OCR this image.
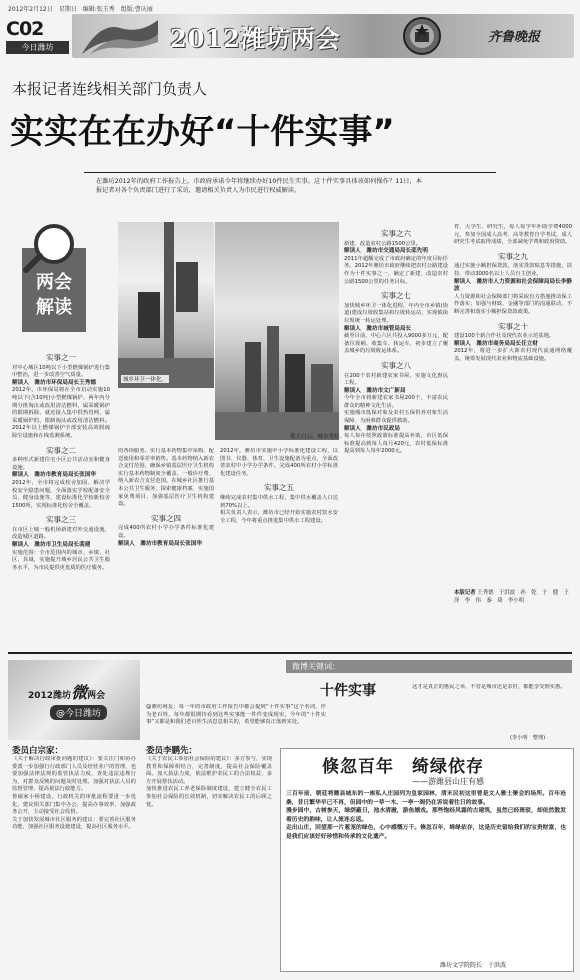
2012年2月12日　星期日　编辑:张玉秀　组版:曹庆丽
C02
今日潍坊	2012潍坊两会	齐鲁晚报
本报记者连线相关部门负责人
实实在在办好“十件实事”
在潍坊2012年的政府工作报告上，市政府承诺今年将继续办好10件民生实事。这十件实事具体该如何操作？11日，本报记者对各个负责部门进行了采访，邀请相关负责人为市民进行权威解读。
两会
解读
城乡环卫一体化。
蓝天白云，城市美好。
实事之一
对中心城区10吨以下小型燃煤锅炉进行集中整治，进一步改善空气质量。
解读人　潍坊市环保局局长王秀德
2012年，市环保局将在全市启动实施10吨以下(含10吨)小型燃煤锅炉、两年内分期分批淘汰或改用清洁燃料，属采暖锅炉的限期拆除，就近接入集中供热管网，属采暖锅炉的，限制淘汰或改用清洁燃料。2012年以上燃煤锅炉全部安装高效脱硫除尘设施和在线监测系统。
实事之二
多种形式新建住宅小区公共活动室和健身设施。
解读人　潍坊市教育局局长张国华
2012年，全市将完成校舍加固、解决学校安全隐患问题，全面落实学校配备安全员、健身设施等，建设标准化学校新校舍1500所，实现标准化校舍全覆盖。
实事之三
在市区上城一般机场新建对外交通设施，改造城区道路。
解读人　潍坊市卫生局局长裴建
实施范围：全市范围内的城市、乡镇、社区、县域，实施提升城乡居民公共卫生服务水平，为市民提供更优质的医疗服务。
的各项服务。实行基本药物集中采购、配送使用和零差率销售。基本药物纳入新农合支付范围，确保乡镇基层医疗卫生机构实行基本药物制度全覆盖，一般诊疗费、纳入新农合支付范围。在城乡社区推行基本公共卫生服务，探索健康档案、实施国家免费项目、加强基层医疗卫生机构建设。
实事之四
完成400所农村小学办学条件标准化建设。
解读人　潍坊市教育局局长张国华
2012年，潍坊市实施中小学标准化建设工程，以图书、仪器、体育、卫生设施配备为重点，全面改善农村中小学办学条件，完成400所农村小学标准化建设任务。
实事之五
继续完成农村集中供水工程，集中供水覆盖人口达到70%以上。
相关负责人表示，潍坊市已经开始实施农村饮水安全工程，今年将重点推进集中供水工程建设。
实事之六
新建、改造农村公路1500公里。
解读人　潍坊市交通局局长邵先明
2011年超额完成了市政府确定的年度目标任务。2012年潍坊市政府继续把农村公路建设作为十件实事之一，确定了新建、改造农村公路1500公里的任务目标。
实事之七
加快城乡环卫一体化进程，年内全市乡镇(街道)建成垃圾收集站和垃圾转运站，实现镇街垃圾统一转运处理。
解读人　潍坊市城管局局长
截至目前，中心六区共投入9000多万元，配备垃圾桶、收集车、转运车，初步建立了覆盖城乡的垃圾收运体系。
实事之八
在200个农村新建农家书屋，实施文化惠民工程。
解读人　潍坊市文广新局
今年全市将新建农家书屋200个，丰富农民群众的精神文化生活。
实施城市低保对象及农村五保供养对象生活保障、为困难群众提供救助。
解读人　潍坊市民政局
每人每年按照政策标准提高补助，市区低保标准提高到每人每月420元，农村低保标准提高到每人每年2000元。
育、大学生、研究生，每人每学年补助学费4000元，参加全国成人高考、高等教育自学考试，成人研究生考试取得成绩，全部减免学费和政府资助。
实事之九
通过实施小额担保贷款，落实贷款贴息等措施，扶持、带动3000名以上人员自主创业。
解读人　潍坊市人力资源和社会保障局局长李静波
人力资源和社会保障部门将采取有力措施推动保工作落实；加强与财政、金融等部门的沟通联动，不断完善和落实小额担保贷款政策。
实事之十
建设100个新合作社及现代农业示范基地。
解读人　潍坊市商务局局长任立财
2012年，将进一步扩大新农村现代流通网络覆盖，统筹发展现代农业和物流基础设施。
本版记者 王秀德　于洪波　孙　乾　于　健　王　泽　李　伟　秦　琦　李小明
2012潍坊微两会
@今日潍坊
微博关键词：
十件实事
@潍坊网友：每一年的市政府工作报告中都会提到“十件实事”这个名词，作为老百姓，每年都很期待看到这些实事能一件件变成现实，今年的“十件实事”又都是和我们老百姓生活息息相关的，希望能够真正落到实处。
这才是真正的惠民之举，不管是城市还是农村，都能享受到实惠。
(李小明　整理)
委员白宗家：
《关于解决行政审批问题的建议》：要关注门和协办委派一步加强行行政部门人员及经营业户的管理，也要加强法律法规的监管执法力度，查处违法违规行为，对群众反映的问题及时处理。加强对执法人员的监督管理，提高依法行政能力。
鲁硕家小桥建设，行政机关的审批流程要进一步优化，建议相关部门集中办公，提高办事效率，加强政务公开，主动接受社会监督。
关于加快发展城市社区服务的建议：要完善社区服务功能，加强社区服务设施建设，提高社区服务水平。
委员李鹏先：
《关于农民工参加社会保险的建议》：多方参与，实现教育和保障相结合，完善制度，提高社会保险覆盖面。加大执法力度，依法维护农民工的合法权益，多方开展帮扶活动。
加快推进农民工养老保险制度建设，建立健全农民工参加社会保险的长效机制，切实解决农民工的后顾之忧。
倏忽百年　绮绿依存
——游潍县山庄有感
三百年前，朝廷将潍县城东的一座私人庄园列为皇家园林，清末民初这里曾是文人雅士聚会的场所。百年沧桑，昔日繁华早已不再，但园中的一草一木、一亭一阁仍在诉说着往日的故事。
漫步园中，古树参天，绿荫蔽日，池水清澈，游鱼嬉戏。那些饱经风霜的古建筑，虽然已经斑驳，却依然散发着历史的韵味，让人流连忘返。
走出山庄，回望那一片葱茏的绿色，心中感慨万千。倏忽百年，绮绿依存，这是历史留给我们的宝贵财富，也是我们应该好好珍惜和传承的文化遗产。
潍坊文学院院长　于洪波
